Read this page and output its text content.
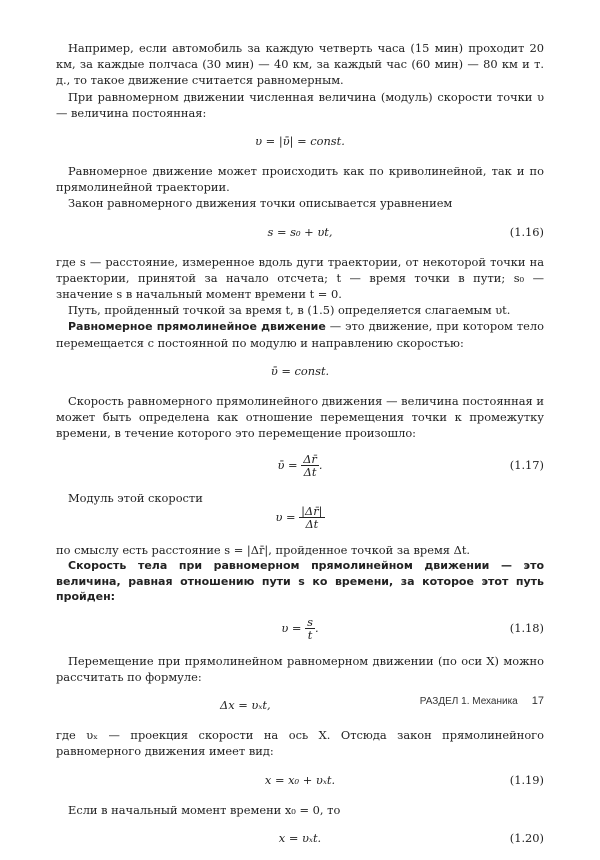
Например, если автомобиль за каждую четверть часа (15 мин) проходит 20 км, за каждые полчаса (30 мин) — 40 км, за каждый час (60 мин) — 80 км и т. д., то такое движение считается равномерным.

При равномерном движении численная величина (модуль) скорости точки υ — величина постоянная:

υ = |ῡ| = const.

Равномерное движение может происходить как по криволинейной, так и по прямолинейной траектории.

Закон равномерного движения точки описывается уравнением

s = s₀ + υt,	(1.16)

где s — расстояние, измеренное вдоль дуги траектории, от некоторой точки на траектории, принятой за начало отсчета; t — время точки в пути; s₀ — значение s в начальный момент времени t = 0.

Путь, пройденный точкой за время t, в (1.5) определяется слагаемым υt.

Равномерное прямолинейное движение — это движение, при котором тело перемещается с постоянной по модулю и направлению скоростью:

ῡ = const.

Скорость равномерного прямолинейного движения — величина постоянная и может быть определена как отношение перемещения точки к промежутку времени, в течение которого это перемещение произошло:

ῡ = $\frac{\Delta r̄}{\Delta t}$ .	(1.17)

Модуль этой скорости

$\upsilon = \frac{|\Delta r̄|}{\Delta t}$

по смыслу есть расстояние s = |Δr̄|, пройденное точкой за время Δt.

Скорость тела при равномерном прямолинейном движении — это величина, равная отношению пути s ко времени, за которое этот путь пройден:

$\upsilon = \frac{s}{t}$ .	(1.18)

Перемещение при прямолинейном равномерном движении (по оси X) можно рассчитать по формуле:

Δx = υₓt,

где υₓ — проекция скорости на ось X. Отсюда закон прямолинейного равномерного движения имеет вид:

x = x₀ + υₓt.	(1.19)

Если в начальный момент времени x₀ = 0, то

x = υₓt.	(1.20)
РАЗДЕЛ 1. Механика 17
